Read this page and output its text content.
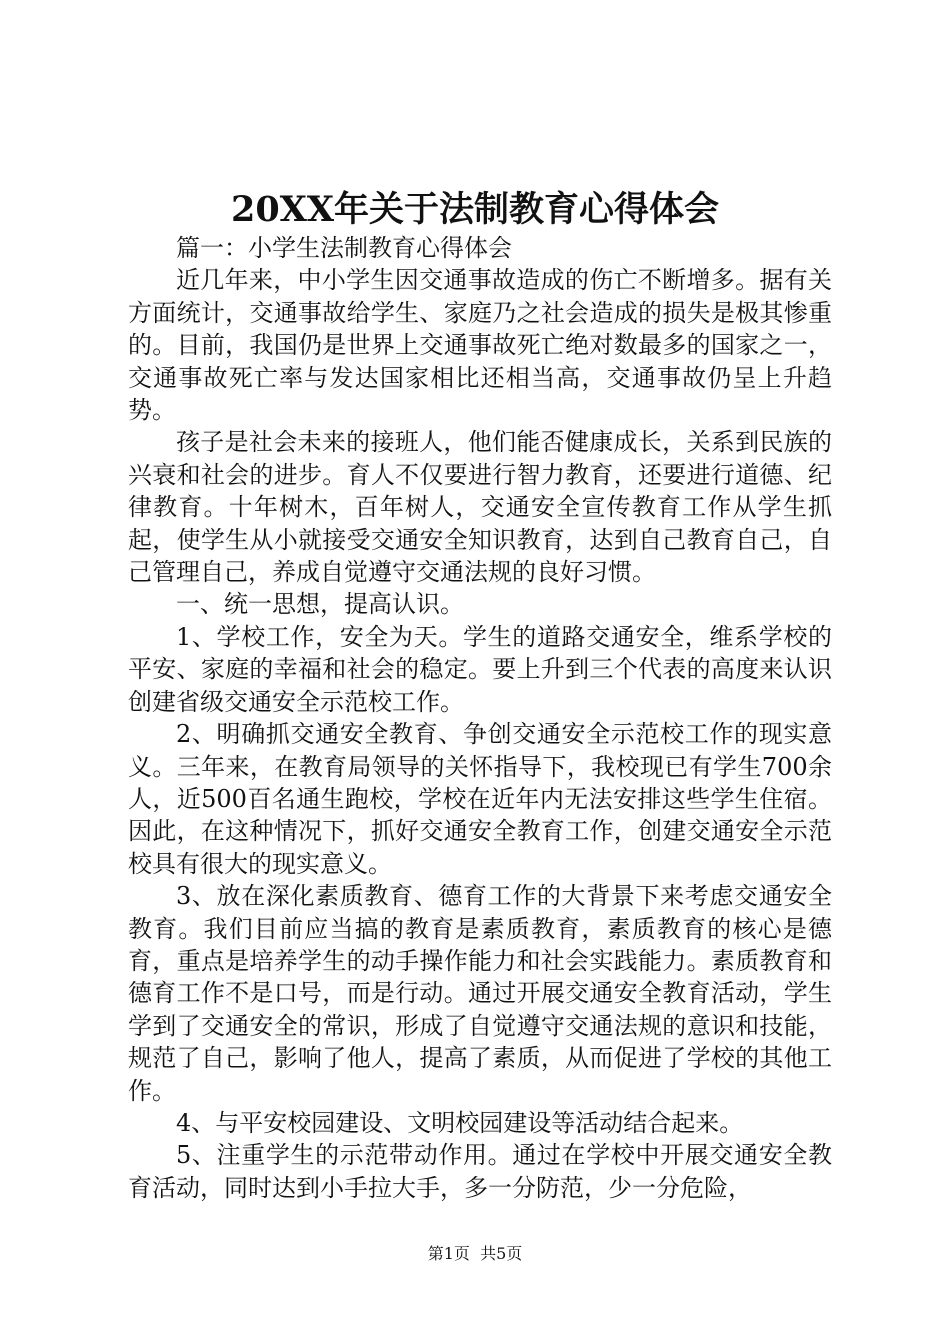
20XX年关于法制教育心得体会

篇一：小学生法制教育心得体会

近几年来，中小学生因交通事故造成的伤亡不断增多。据有关方面统计，交通事故给学生、家庭乃之社会造成的损失是极其惨重的。目前，我国仍是世界上交通事故死亡绝对数最多的国家之一，交通事故死亡率与发达国家相比还相当高，交通事故仍呈上升趋势。

孩子是社会未来的接班人，他们能否健康成长，关系到民族的兴衰和社会的进步。育人不仅要进行智力教育，还要进行道德、纪律教育。十年树木，百年树人，交通安全宣传教育工作从学生抓起，使学生从小就接受交通安全知识教育，达到自己教育自己，自己管理自己，养成自觉遵守交通法规的良好习惯。

一、统一思想，提高认识。

1、学校工作，安全为天。学生的道路交通安全，维系学校的平安、家庭的幸福和社会的稳定。要上升到三个代表的高度来认识创建省级交通安全示范校工作。

2、明确抓交通安全教育、争创交通安全示范校工作的现实意义。三年来，在教育局领导的关怀指导下，我校现已有学生700余人，近500百名通生跑校，学校在近年内无法安排这些学生住宿。因此，在这种情况下，抓好交通安全教育工作，创建交通安全示范校具有很大的现实意义。

3、放在深化素质教育、德育工作的大背景下来考虑交通安全教育。我们目前应当搞的教育是素质教育，素质教育的核心是德育，重点是培养学生的动手操作能力和社会实践能力。素质教育和德育工作不是口号，而是行动。通过开展交通安全教育活动，学生学到了交通安全的常识，形成了自觉遵守交通法规的意识和技能，规范了自己，影响了他人，提高了素质，从而促进了学校的其他工作。

4、与平安校园建设、文明校园建设等活动结合起来。

5、注重学生的示范带动作用。通过在学校中开展交通安全教育活动，同时达到小手拉大手，多一分防范，少一分危险，

第1页 共5页
